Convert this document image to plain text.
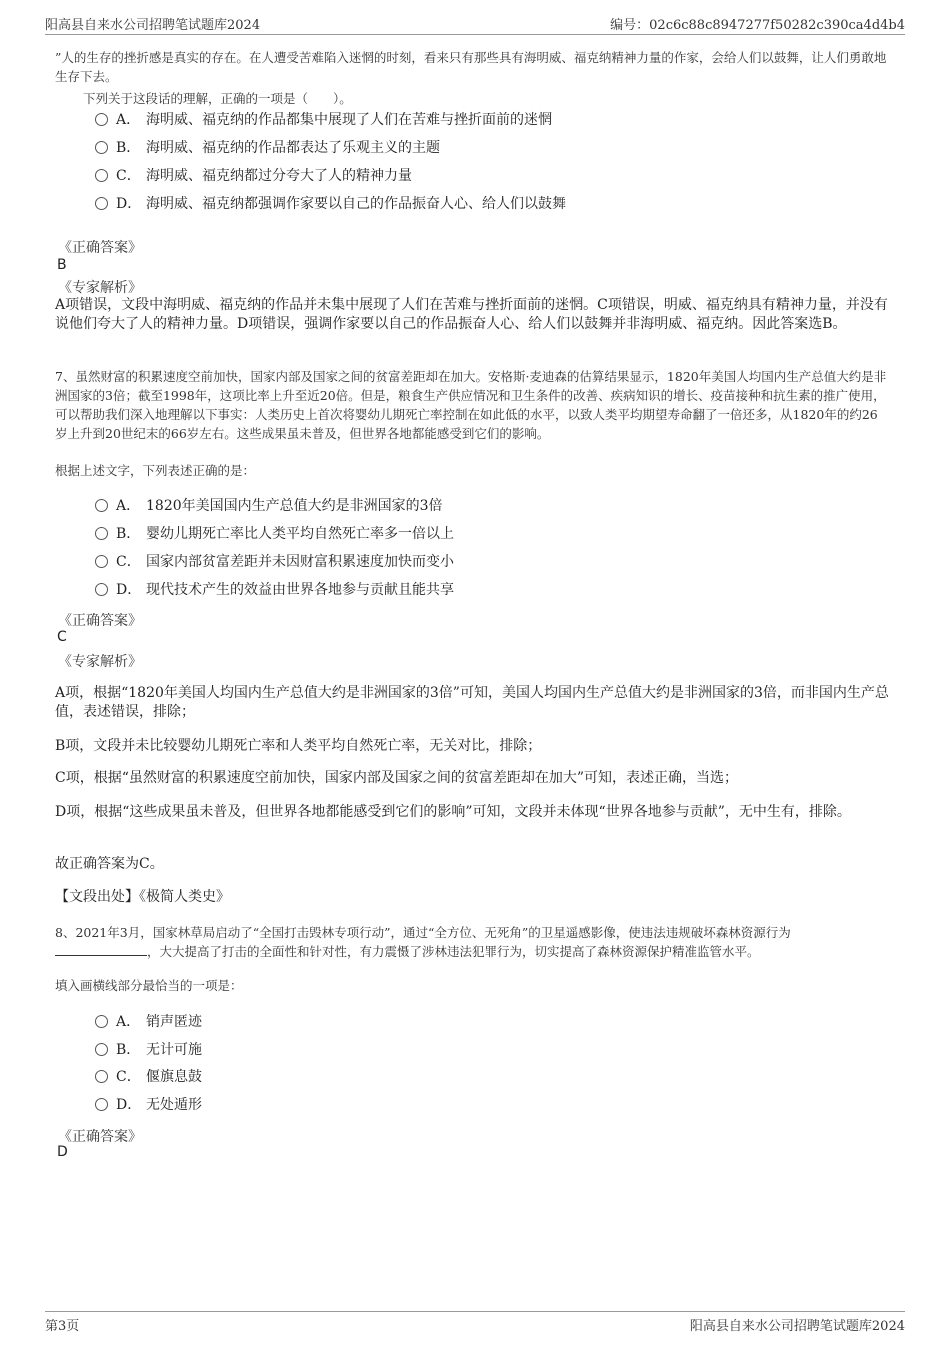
阳高县自来水公司招聘笔试题库2024	编号：02c6c88c8947277f50282c390ca4d4b4
”人的生存的挫折感是真实的存在。在人遭受苦难陷入迷惘的时刻，看来只有那些具有海明威、福克纳精神力量的作家，会给人们以鼓舞，让人们勇敢地生存下去。
下列关于这段话的理解，正确的一项是（　　）。
A． 海明威、福克纳的作品都集中展现了人们在苦难与挫折面前的迷惘
B． 海明威、福克纳的作品都表达了乐观主义的主题
C． 海明威、福克纳都过分夸大了人的精神力量
D． 海明威、福克纳都强调作家要以自己的作品振奋人心、给人们以鼓舞
《正确答案》
B
《专家解析》
A项错误，文段中海明威、福克纳的作品并未集中展现了人们在苦难与挫折面前的迷惘。C项错误，明威、福克纳具有精神力量，并没有说他们夸大了人的精神力量。D项错误，强调作家要以自己的作品振奋人心、给人们以鼓舞并非海明威、福克纳。因此答案选B。
7、虽然财富的积累速度空前加快，国家内部及国家之间的贫富差距却在加大。安格斯·麦迪森的估算结果显示，1820年美国人均国内生产总值大约是非洲国家的3倍；截至1998年，这项比率上升至近20倍。但是，粮食生产供应情况和卫生条件的改善、疾病知识的增长、疫苗接种和抗生素的推广使用，可以帮助我们深入地理解以下事实：人类历史上首次将婴幼儿期死亡率控制在如此低的水平，以致人类平均期望寿命翻了一倍还多，从1820年的约26岁上升到20世纪末的66岁左右。这些成果虽未普及，但世界各地都能感受到它们的影响。
根据上述文字，下列表述正确的是：
A． 1820年美国国内生产总值大约是非洲国家的3倍
B． 婴幼儿期死亡率比人类平均自然死亡率多一倍以上
C． 国家内部贫富差距并未因财富积累速度加快而变小
D． 现代技术产生的效益由世界各地参与贡献且能共享
《正确答案》
C
《专家解析》
A项，根据“1820年美国人均国内生产总值大约是非洲国家的3倍”可知，美国人均国内生产总值大约是非洲国家的3倍，而非国内生产总值，表述错误，排除；
B项，文段并未比较婴幼儿期死亡率和人类平均自然死亡率，无关对比，排除；
C项，根据“虽然财富的积累速度空前加快，国家内部及国家之间的贫富差距却在加大”可知，表述正确，当选；
D项，根据“这些成果虽未普及，但世界各地都能感受到它们的影响”可知，文段并未体现“世界各地参与贡献”，无中生有，排除。
故正确答案为C。
【文段出处】《极简人类史》
8、2021年3月，国家林草局启动了“全国打击毁林专项行动”，通过“全方位、无死角”的卫星遥感影像，使违法违规破坏森林资源行为
，大大提高了打击的全面性和针对性，有力震慑了涉林违法犯罪行为，切实提高了森林资源保护精准监管水平。
填入画横线部分最恰当的一项是：
A． 销声匿迹
B． 无计可施
C． 偃旗息鼓
D． 无处遁形
《正确答案》
D
第3页	阳高县自来水公司招聘笔试题库2024
